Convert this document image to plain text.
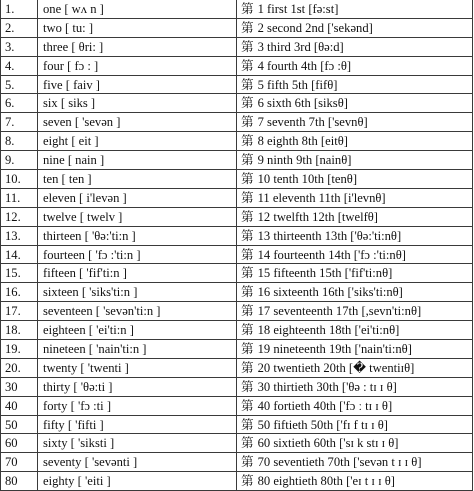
1.	one [ wʌ n ]	第 1 first 1st [fə:st]
2.	two [ tu: ]	第 2 second 2nd ['sekənd]
3.	three [ θri: ]	第 3 third 3rd [θə:d]
4.	four [ fɔ : ]	第 4 fourth 4th [fɔ :θ]
5.	five [ faiv ]	第 5 fifth 5th [fifθ]
6.	six [ siks ]	第 6 sixth 6th [siksθ]
7.	seven [ 'sevən ]	第 7 seventh 7th ['sevnθ]
8.	eight [ eit ]	第 8 eighth 8th [eitθ]
9.	nine [ nain ]	第 9 ninth 9th [nainθ]
10.	ten [ ten ]	第 10 tenth 10th [tenθ]
11.	eleven [ i'levən ]	第 11 eleventh 11th [i'levnθ]
12.	twelve [ twelv ]	第 12 twelfth 12th [twelfθ]
13.	thirteen [ 'θə:'ti:n ]	第 13 thirteenth 13th ['θə:'ti:nθ]
14.	fourteen [ 'fɔ :'ti:n ]	第 14 fourteenth 14th ['fɔ :'ti:nθ]
15.	fifteen [ 'fif'ti:n ]	第 15 fifteenth 15th ['fif'ti:nθ]
16.	sixteen [ 'siks'ti:n ]	第 16 sixteenth 16th ['siks'ti:nθ]
17.	seventeen [ 'sevən'ti:n ]	第 17 seventeenth 17th [,sevn'ti:nθ]
18.	eighteen [ 'ei'ti:n ]	第 18 eighteenth 18th ['ei'ti:nθ]
19.	nineteen [ 'nain'ti:n ]	第 19 nineteenth 19th ['nain'ti:nθ]
20.	twenty [ 'twenti ]	第 20 twentieth 20th [� twentiɪθ]
30	thirty [ 'θə:ti ]	第 30 thirtieth 30th ['θə : tɪ ɪ θ]
40	forty [ 'fɔ :ti ]	第 40 fortieth 40th ['fɔ ː tɪ ɪ θ]
50	fifty [ 'fifti ]	第 50 fiftieth 50th ['fɪ f tɪ ɪ θ]
60	sixty [ 'siksti ]	第 60 sixtieth 60th ['sɪ k stɪ ɪ θ]
70	seventy [ 'sevənti ]	第 70 seventieth 70th ['sevən t ɪ ɪ θ]
80	eighty [ 'eiti ]	第 80 eightieth 80th ['eɪ t ɪ ɪ θ]
